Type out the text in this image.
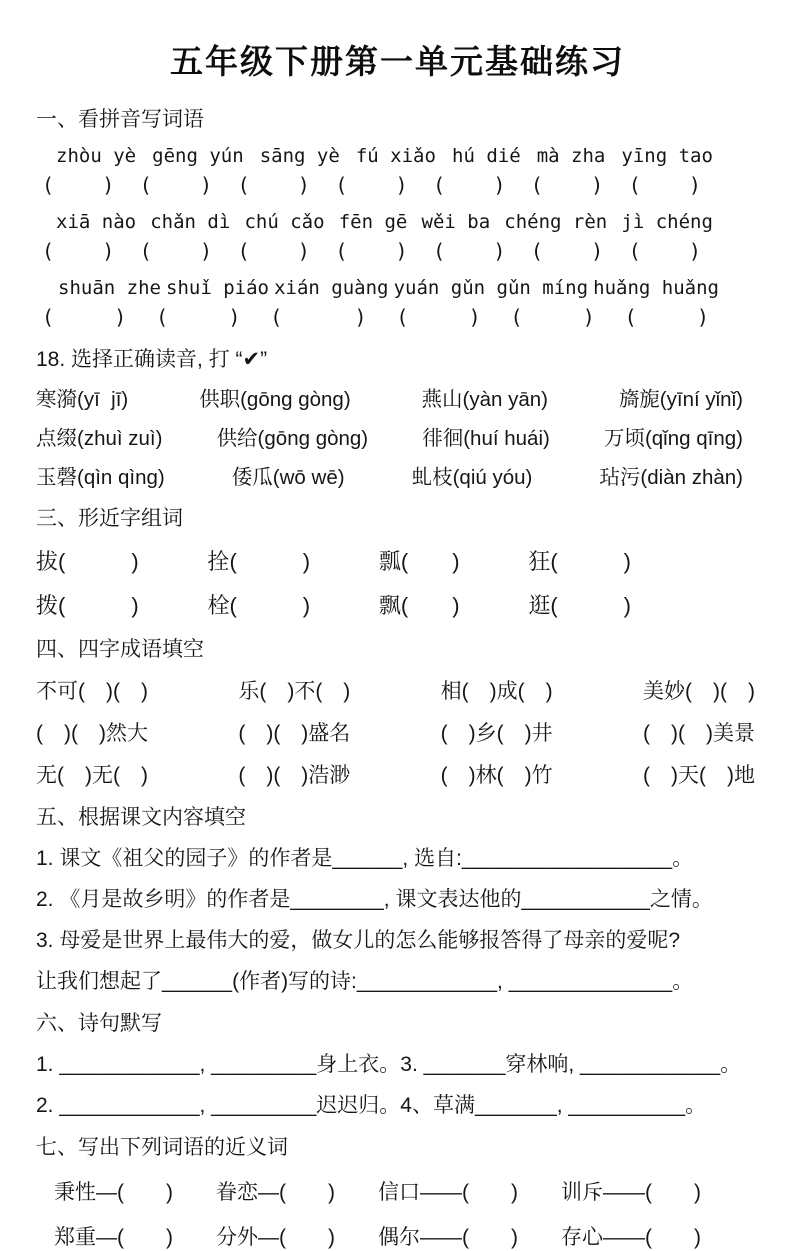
五年级下册第一单元基础练习
一、看拼音写词语
zhòu yè gēng yún sāng yè fú xiǎo hú dié mà zha yīng tao
(    ) (    ) (    ) (    ) (    ) (    ) (    )
xiā nào chǎn dì chú cǎo fēn gē wěi ba chéng rèn jì chéng
(    ) (    ) (    ) (    ) (    ) (    ) (    )
shuān zhe shuǐ piáo xián guàng yuán gǔn gǔn míng huǎng huǎng
(     ) (     ) (      ) (     ) (     ) (     )
18. 选择正确读音, 打 “✔”
寒漪(yī  jī)	供职(gōng gòng)	燕山(yàn yān)	旖旎(yīní yǐnǐ)
点缀(zhuì zuì)	供给(gōng gòng)	徘徊(huí huái)	万顷(qǐng qīng)
玉磬(qìn qìng)	倭瓜(wō wē)	虬枝(qiú yóu)	玷污(diàn zhàn)
三、形近字组词
拔(　　　)	拴(　　　)	瓢(　　)	狂(　　　)
拨(　　　)	栓(　　　)	飘(　　)	逛(　　　)
四、四字成语填空
不可(　)(　)	乐(　)不(　)	相(　)成(　)	美妙(　)(　)
(　)(　)然大	(　)(　)盛名	(　)乡(　)井	(　)(　)美景
无(　)无(　)	(　)(　)浩渺	(　)林(　)竹	(　)天(　)地
五、根据课文内容填空
1. 课文《祖父的园子》的作者是______, 选自:__________________。
2. 《月是故乡明》的作者是________, 课文表达他的___________之情。
3. 母爱是世界上最伟大的爱，做女儿的怎么能够报答得了母亲的爱呢?
让我们想起了______(作者)写的诗:____________, ______________。
六、诗句默写
1. ____________, _________身上衣。3. _______穿林响, ____________。
2. ____________, _________迟迟归。4、草满_______, __________。
七、写出下列词语的近义词
秉性—(　　) 眷恋—(　　) 信口——(　　) 训斥——(　　)
郑重—(　　) 分外—(　　) 偶尔——(　　) 存心——(　　)
